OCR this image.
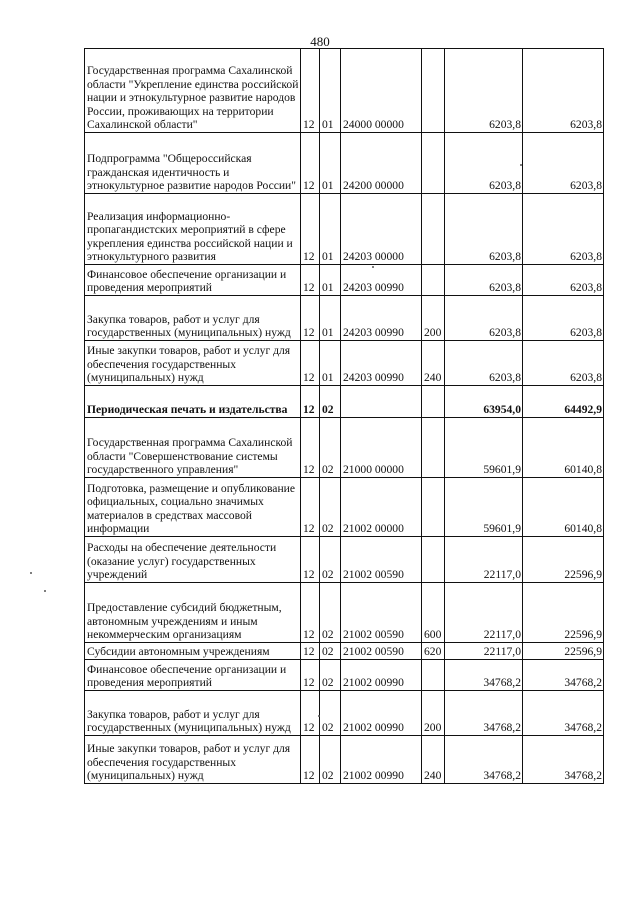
480
Государственная программа Сахалинской области "Укрепление единства российской нации и этнокультурное развитие народов России, проживающих на территории Сахалинской области"	12	01	24000 00000		6203,8	6203,8
Подпрограмма "Общероссийская гражданская идентичность и этнокультурное развитие народов России"	12	01	24200 00000		6203,8	6203,8
Реализация информационно-пропагандистских мероприятий в сфере укрепления единства российской нации и этнокультурного развития	12	01	24203 00000		6203,8	6203,8
Финансовое обеспечение организации и проведения мероприятий	12	01	24203 00990		6203,8	6203,8
Закупка товаров, работ и услуг для государственных (муниципальных) нужд	12	01	24203 00990	200	6203,8	6203,8
Иные закупки товаров, работ и услуг для обеспечения государственных (муниципальных) нужд	12	01	24203 00990	240	6203,8	6203,8
Периодическая печать и издательства	12	02			63954,0	64492,9
Государственная программа Сахалинской области "Совершенствование системы государственного управления"	12	02	21000 00000		59601,9	60140,8
Подготовка, размещение и опубликование официальных, социально значимых материалов в средствах массовой информации	12	02	21002 00000		59601,9	60140,8
Расходы на обеспечение деятельности (оказание услуг) государственных учреждений	12	02	21002 00590		22117,0	22596,9
Предоставление субсидий бюджетным, автономным учреждениям и иным некоммерческим организациям	12	02	21002 00590	600	22117,0	22596,9
Субсидии автономным учреждениям	12	02	21002 00590	620	22117,0	22596,9
Финансовое обеспечение организации и проведения мероприятий	12	02	21002 00990		34768,2	34768,2
Закупка товаров, работ и услуг для государственных (муниципальных) нужд	12	02	21002 00990	200	34768,2	34768,2
Иные закупки товаров, работ и услуг для обеспечения государственных (муниципальных) нужд	12	02	21002 00990	240	34768,2	34768,2
